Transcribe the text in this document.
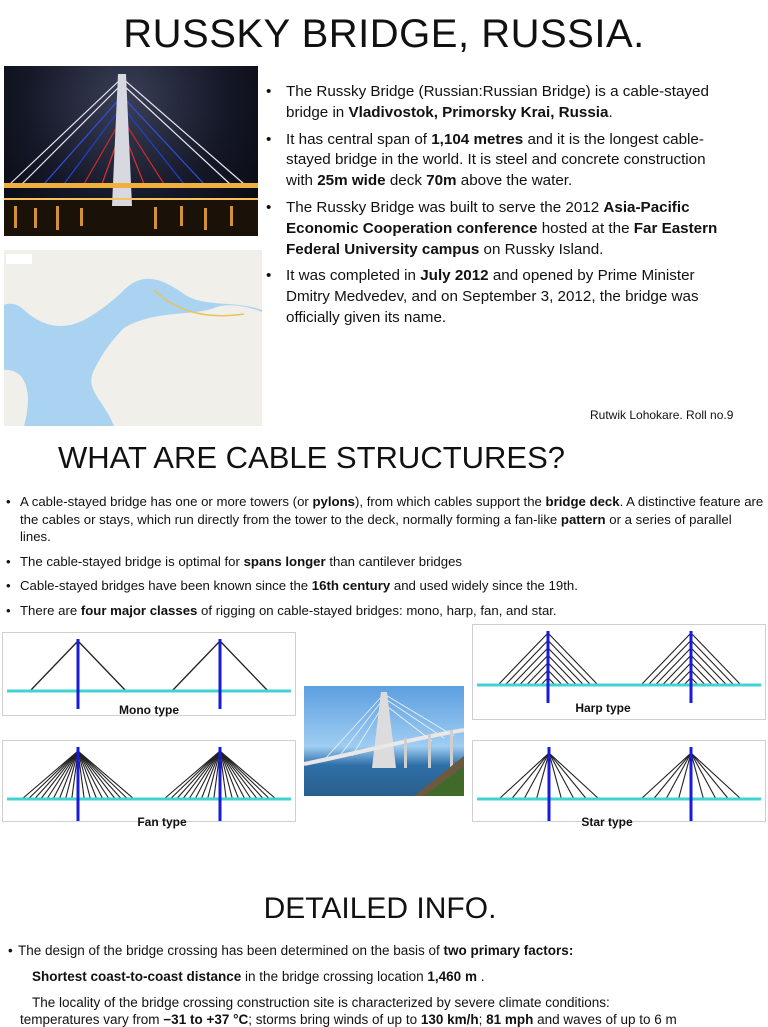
RUSSKY BRIDGE, RUSSIA.
• The Russky Bridge (Russian:Russian Bridge) is a cable-stayed bridge in Vladivostok, Primorsky Krai, Russia.
• It has central span of 1,104 metres and it is the longest cable-stayed bridge in the world. It is steel and concrete construction with 25m wide deck 70m above the water.
• The Russky Bridge was built to serve the 2012 Asia-Pacific Economic Cooperation conference hosted at the Far Eastern Federal University campus on Russky Island.
• It was completed in July 2012 and opened by Prime Minister Dmitry Medvedev, and on September 3, 2012, the bridge was officially given its name.
Rutwik Lohokare. Roll no.9
WHAT ARE CABLE STRUCTURES?
• A cable-stayed bridge has one or more towers (or pylons), from which cables support the bridge deck. A distinctive feature are the cables or stays, which run directly from the tower to the deck, normally forming a fan-like pattern or a series of parallel lines.
• The cable-stayed bridge is optimal for spans longer than cantilever bridges
• Cable-stayed bridges have been known since the 16th century and used widely since the 19th.
• There are four major classes of rigging on cable-stayed bridges: mono, harp, fan, and star.
Mono type	Harp type
Fan type	Star type
DETAILED INFO.
• The design of the bridge crossing has been determined on the basis of two primary factors:
Shortest coast-to-coast distance in the bridge crossing location 1,460 m .
The locality of the bridge crossing construction site is characterized by severe climate conditions:
temperatures vary from −31 to +37 °C; storms bring winds of up to 130 km/h; 81 mph and waves of up to 6 m
